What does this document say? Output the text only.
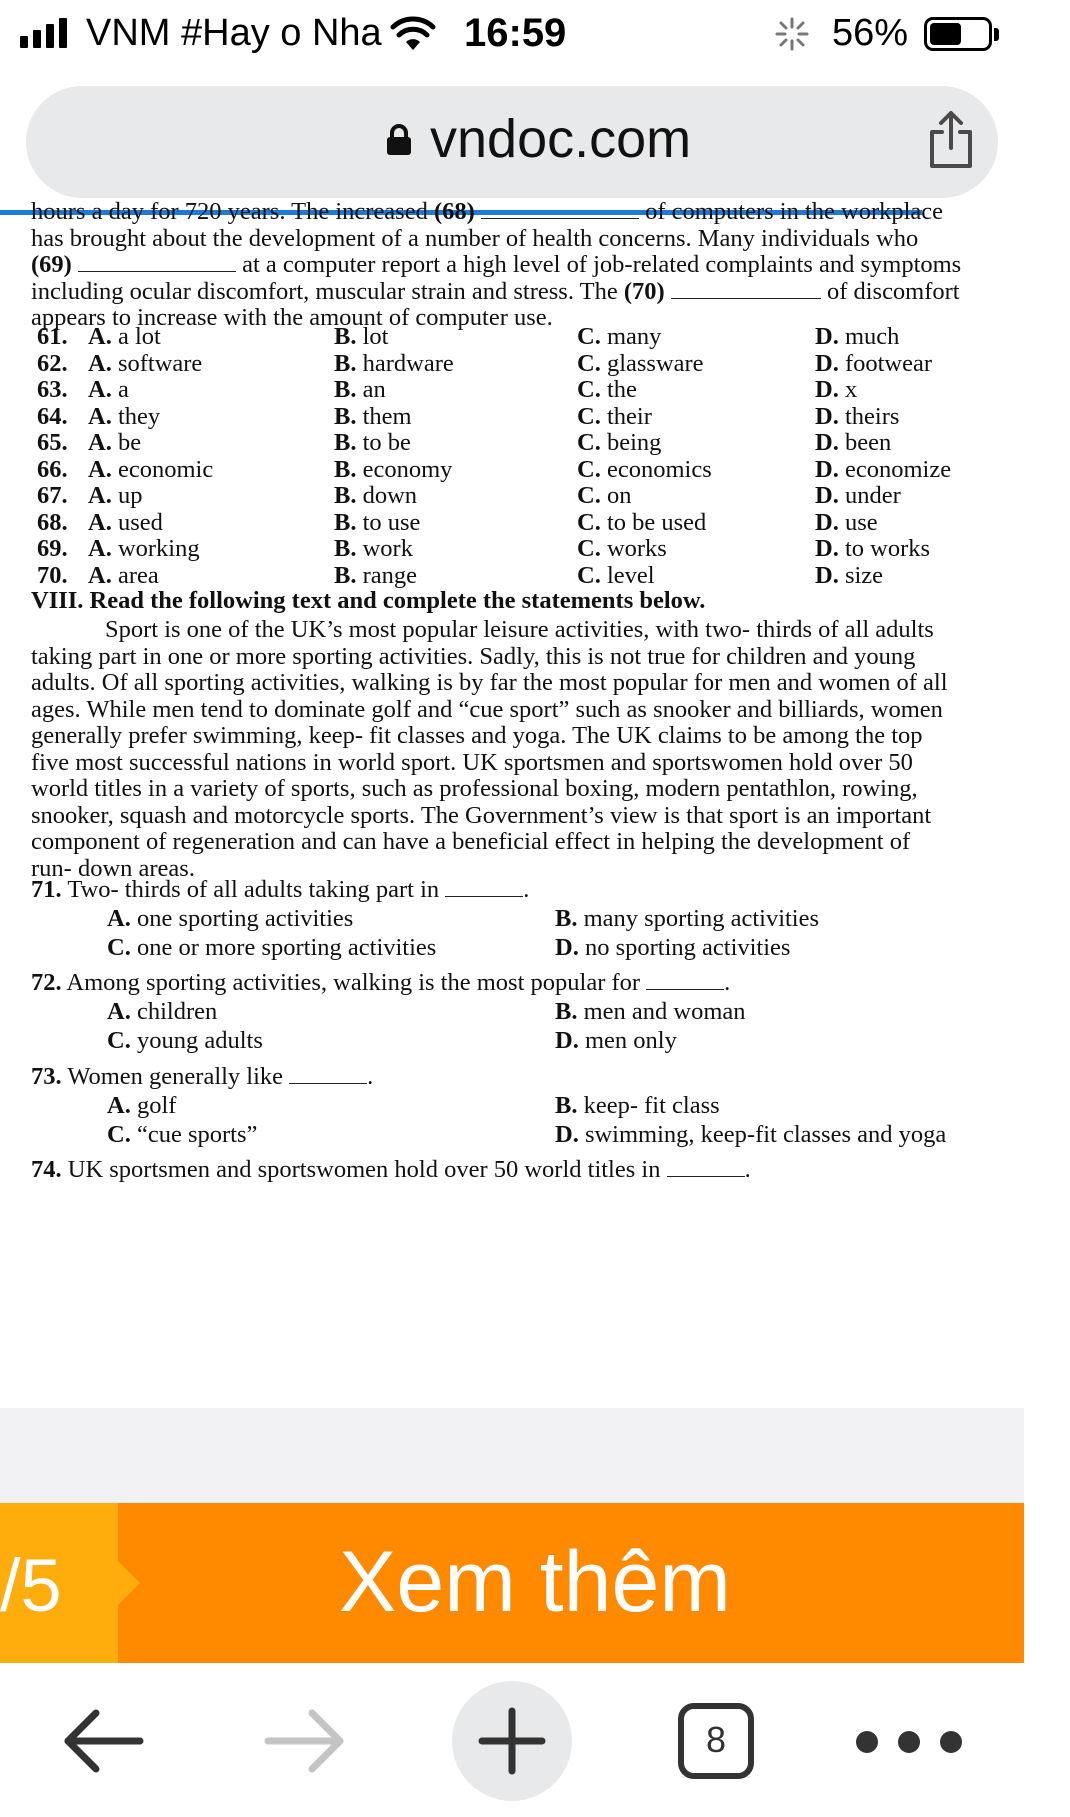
VNM #Hay o Nha 16:59	56%
vndoc.com
hours a day for 720 years. The increased (68)	of computers in the workplace
has brought about the development of a number of health concerns. Many individuals who
(69)	at a computer report a high level of job-related complaints and symptoms
including ocular discomfort, muscular strain and stress. The (70)	of discomfort
appears to increase with the amount of computer use.
61. A. a lot	B. lot	C. many	D. much
62. A. software	B. hardware	C. glassware	D. footwear
63. A. a	B. an	C. the	D. x
64. A. they	B. them	C. their	D. theirs
65. A. be	B. to be	C. being	D. been
66. A. economic	B. economy	C. economics	D. economize
67. A. up	B. down	C. on	D. under
68. A. used	B. to use	C. to be used	D. use
69. A. working	B. work	C. works	D. to works
70. A. area	B. range	C. level	D. size
VIII. Read the following text and complete the statements below.
Sport is one of the UK’s most popular leisure activities, with two- thirds of all adults
taking part in one or more sporting activities. Sadly, this is not true for children and young
adults. Of all sporting activities, walking is by far the most popular for men and women of all
ages. While men tend to dominate golf and “cue sport” such as snooker and billiards, women
generally prefer swimming, keep- fit classes and yoga. The UK claims to be among the top
five most successful nations in world sport. UK sportsmen and sportswomen hold over 50
world titles in a variety of sports, such as professional boxing, modern pentathlon, rowing,
snooker, squash and motorcycle sports. The Government’s view is that sport is an important
component of regeneration and can have a beneficial effect in helping the development of
run- down areas.
71. Two- thirds of all adults taking part in	.
A. one sporting activities	B. many sporting activities
C. one or more sporting activities	D. no sporting activities
72. Among sporting activities, walking is the most popular for	.
A. children	B. men and woman
C. young adults	D. men only
73. Women generally like	.
A. golf	B. keep- fit class
C. “cue sports”	D. swimming, keep-fit classes and yoga
74. UK sportsmen and sportswomen hold over 50 world titles in	.
/5	Xem thêm
8
